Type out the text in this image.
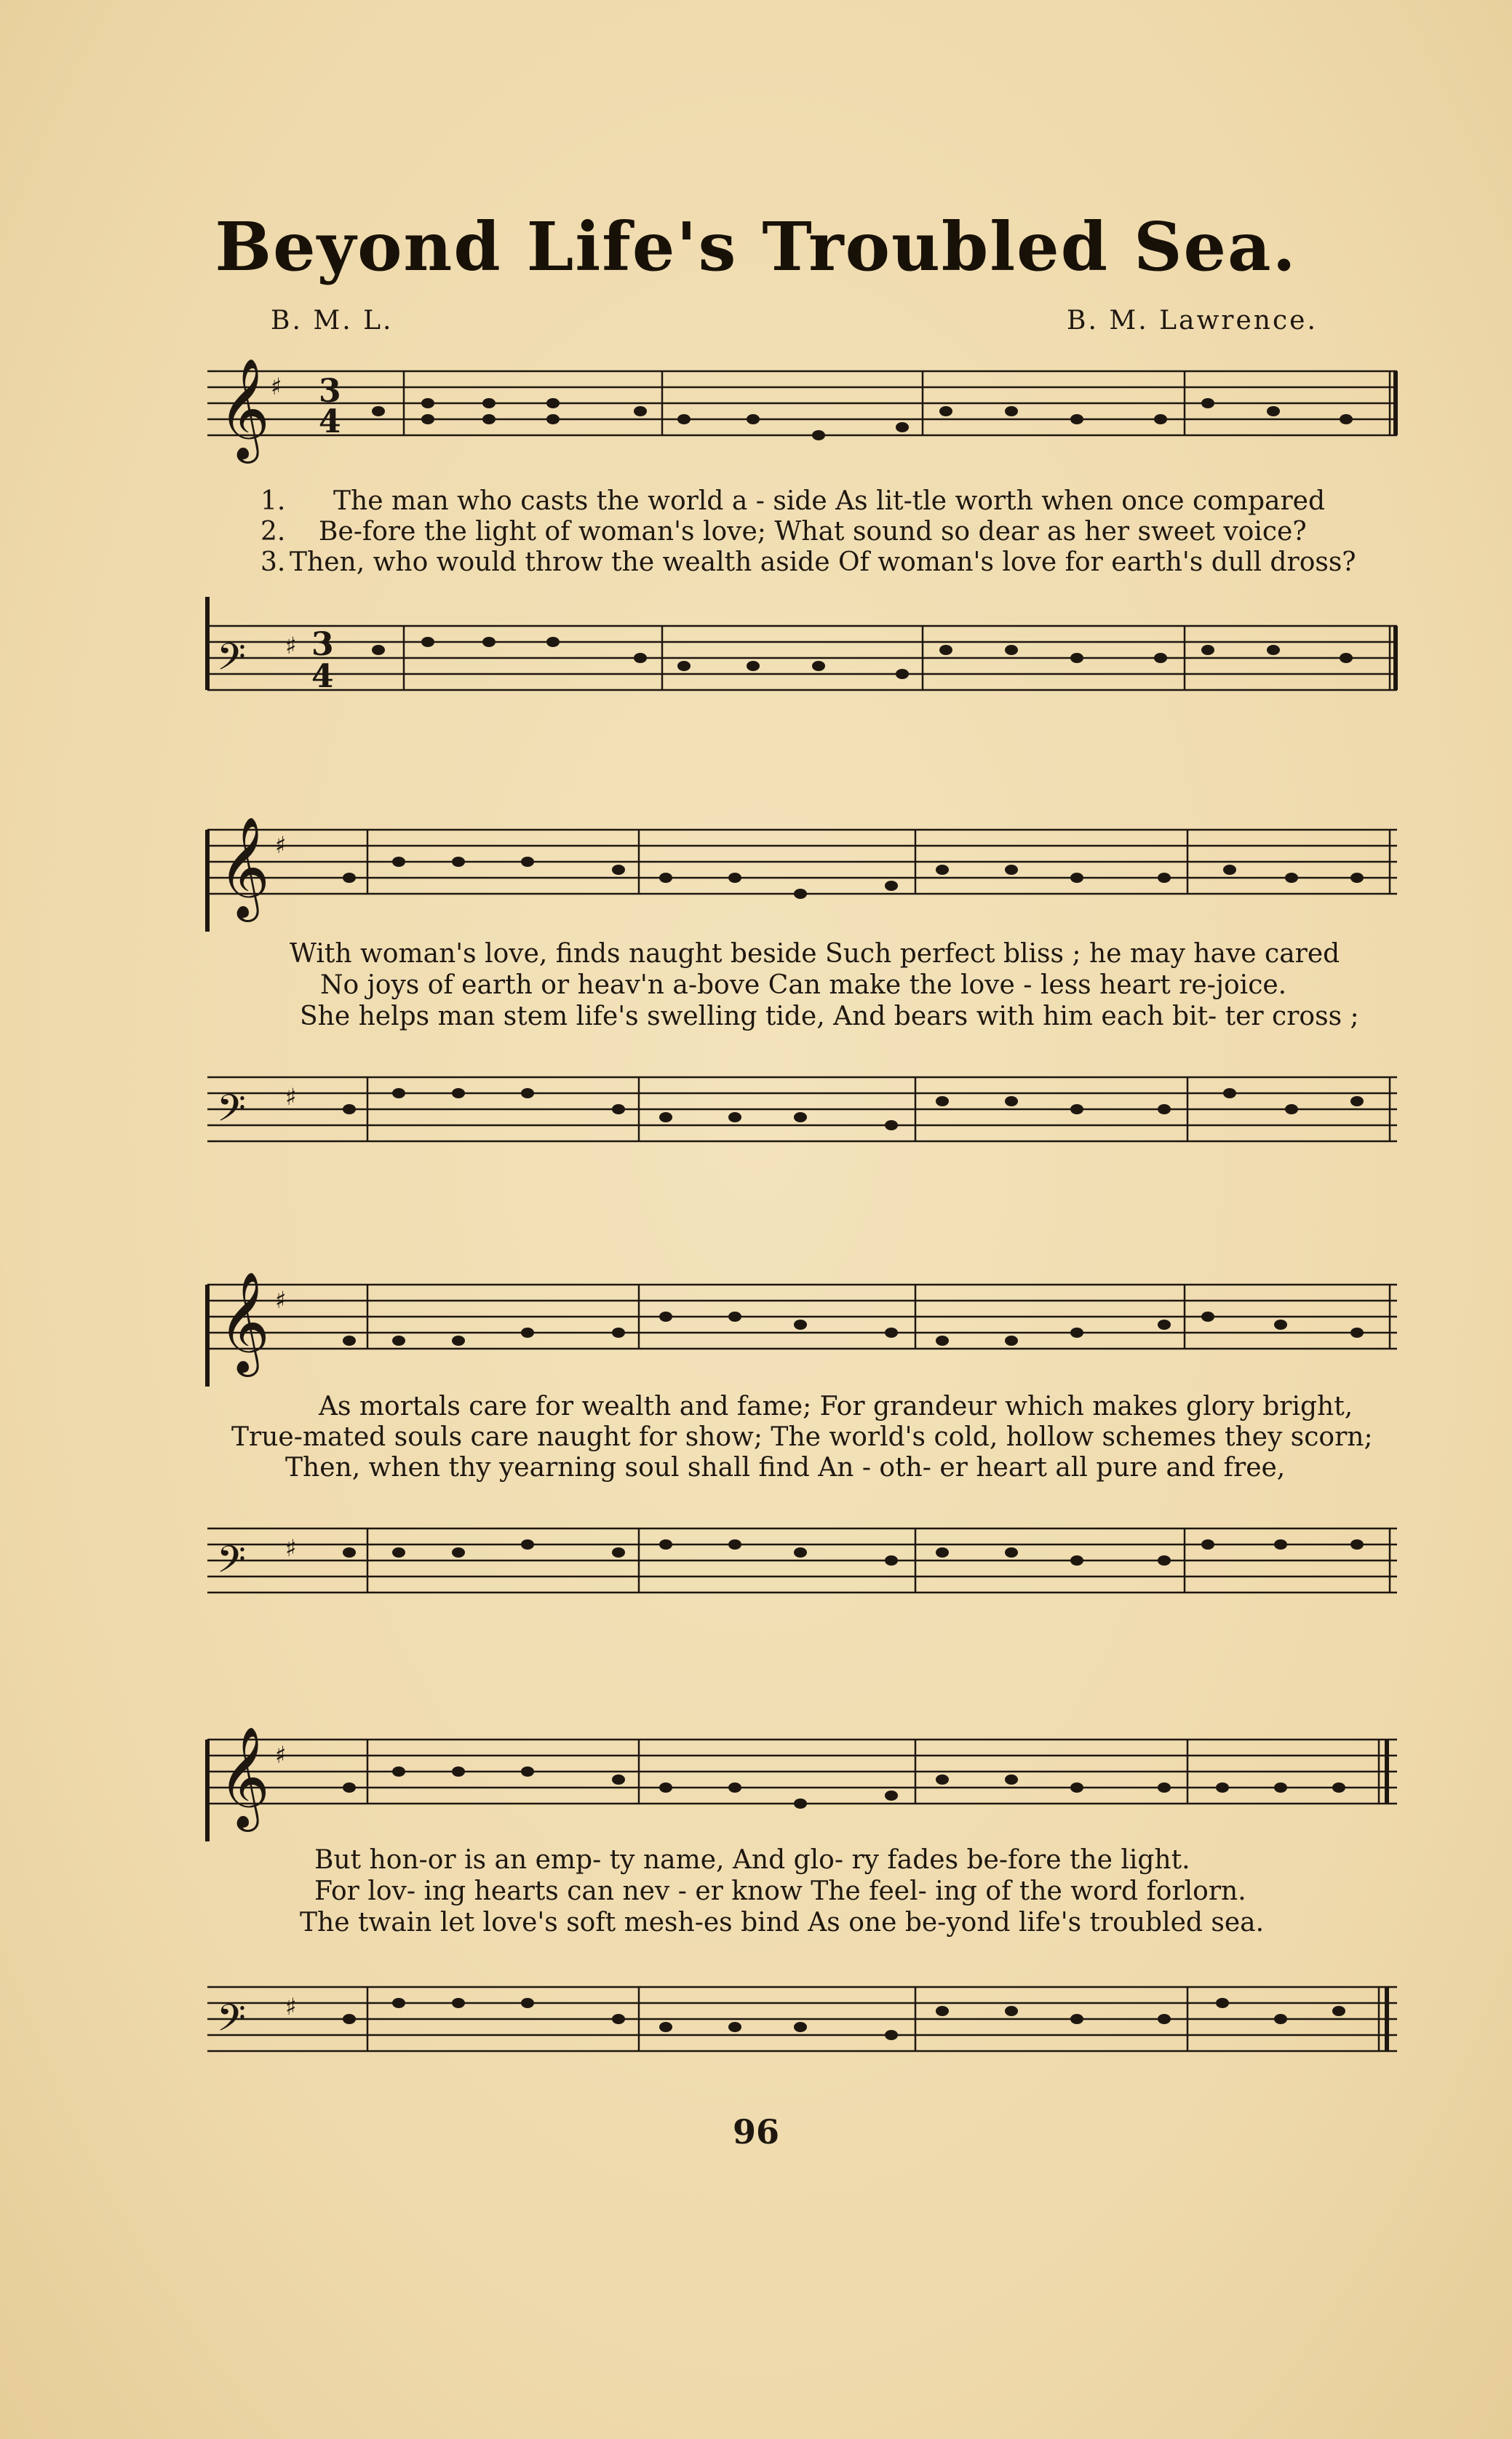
Beyond Life's Troubled Sea.
B. M. L.	B. M. Lawrence.
𝄞 ♯ 3
4
1.
2.
3.
The man who casts the world a - side As lit-tle worth when once compared
Be-fore the light of woman's love; What sound so dear as her sweet voice?
Then, who would throw the wealth aside Of woman's love for earth's dull dross?
𝄢 ♯ 3
4
𝄞 ♯
With woman's love, finds naught beside Such perfect bliss ; he may have cared
No joys of earth or heav'n a-bove Can make the love - less heart re-joice.
She helps man stem life's swelling tide, And bears with him each bit- ter cross ;
𝄢 ♯
𝄞 ♯
As mortals care for wealth and fame; For grandeur which makes glory bright,
True-mated souls care naught for show; The world's cold, hollow schemes they scorn;
Then, when thy yearning soul shall find An - oth- er heart all pure and free,
𝄢 ♯
𝄞 ♯
But hon-or is an emp- ty name, And glo- ry fades be-fore the light.
For lov- ing hearts can nev - er know The feel- ing of the word forlorn.
The twain let love's soft mesh-es bind As one be-yond life's troubled sea.
𝄢 ♯
96
